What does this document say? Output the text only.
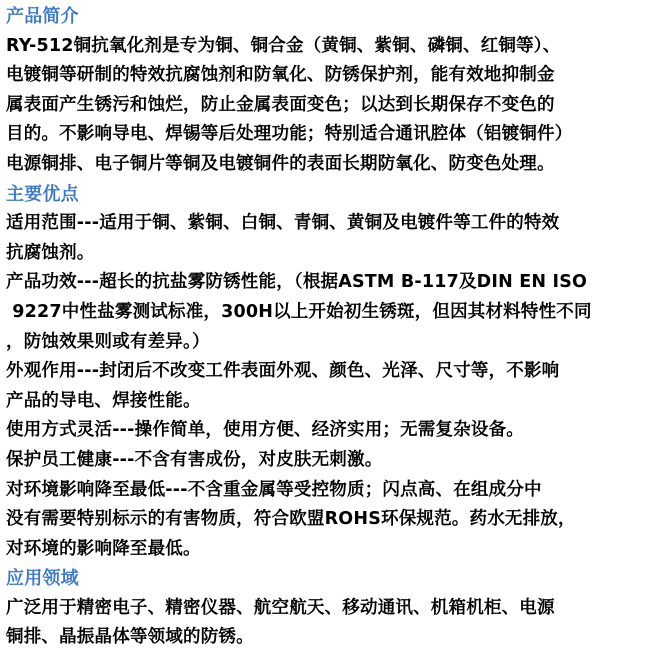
产品简介
RY-512铜抗氧化剂是专为铜、铜合金（黄铜、紫铜、磷铜、红铜等）、
电镀铜等研制的特效抗腐蚀剂和防氧化、防锈保护剂，能有效地抑制金
属表面产生锈污和蚀烂，防止金属表面变色；以达到长期保存不变色的
目的。不影响导电、焊锡等后处理功能；特别适合通讯腔体（铝镀铜件）
电源铜排、电子铜片等铜及电镀铜件的表面长期防氧化、防变色处理。
主要优点
适用范围---适用于铜、紫铜、白铜、青铜、黄铜及电镀件等工件的特效
抗腐蚀剂。
产品功效---超长的抗盐雾防锈性能，（根据ASTM B-117及DIN EN ISO
9227中性盐雾测试标准，300H以上开始初生锈斑，但因其材料特性不同
，防蚀效果则或有差异。）
外观作用---封闭后不改变工件表面外观、颜色、光泽、尺寸等，不影响
产品的导电、焊接性能。
使用方式灵活---操作简单，使用方便、经济实用；无需复杂设备。
保护员工健康---不含有害成份，对皮肤无刺激。
对环境影响降至最低---不含重金属等受控物质；闪点高、在组成分中
没有需要特别标示的有害物质，符合欧盟ROHS环保规范。药水无排放，
对环境的影响降至最低。
应用领域
广泛用于精密电子、精密仪器、航空航天、移动通讯、机箱机柜、电源
铜排、晶振晶体等领域的防锈。
